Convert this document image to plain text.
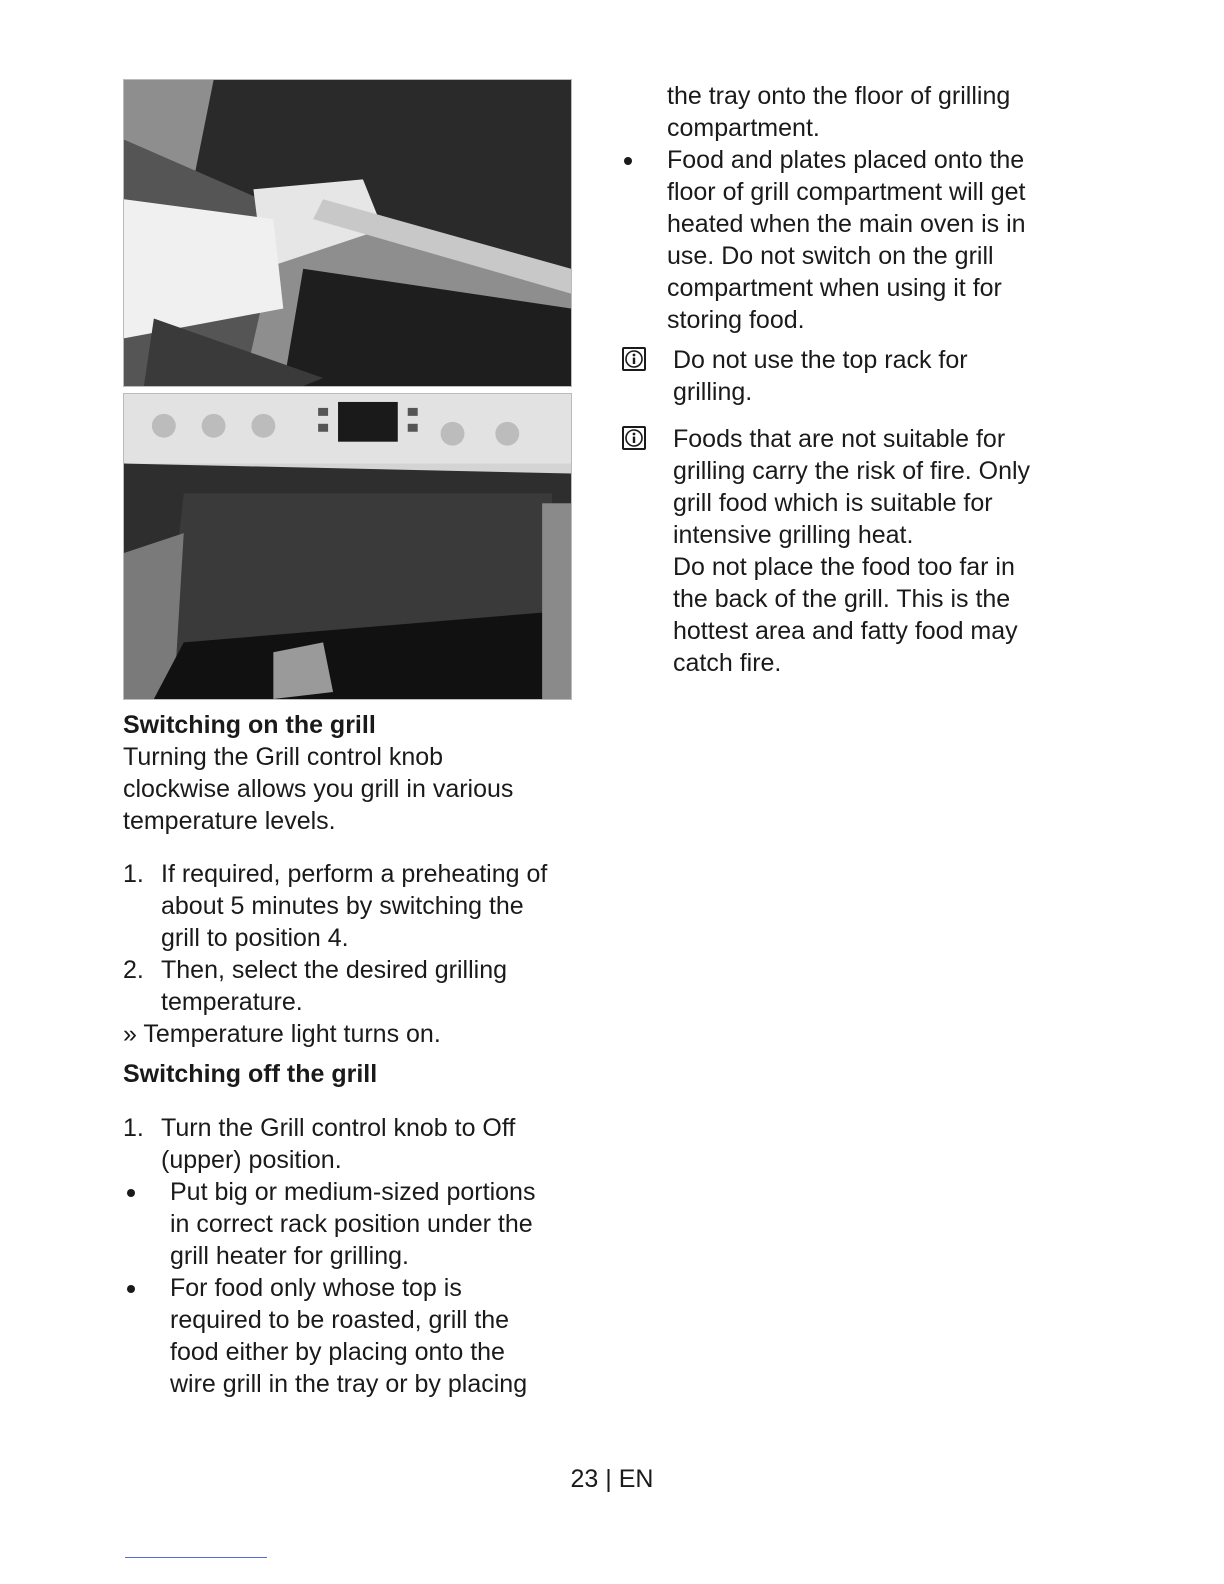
Switching on the grill
Turning the Grill control knob
clockwise allows you grill in various
temperature levels.
1. If required, perform a preheating of
about 5 minutes by switching the
grill to position 4.
2. Then, select the desired grilling
temperature.
» Temperature light turns on.
Switching off the grill
1. Turn the Grill control knob to Off
(upper) position.
Put big or medium-sized portions
in correct rack position under the
grill heater for grilling.
For food only whose top is
required to be roasted, grill the
food either by placing onto the
wire grill in the tray or by placing
the tray onto the floor of grilling
compartment.
Food and plates placed onto the
floor of grill compartment will get
heated when the main oven is in
use. Do not switch on the grill
compartment when using it for
storing food.
Do not use the top rack for
grilling.
Foods that are not suitable for
grilling carry the risk of fire. Only
grill food which is suitable for
intensive grilling heat.
Do not place the food too far in
the back of the grill. This is the
hottest area and fatty food may
catch fire.
23 | EN
